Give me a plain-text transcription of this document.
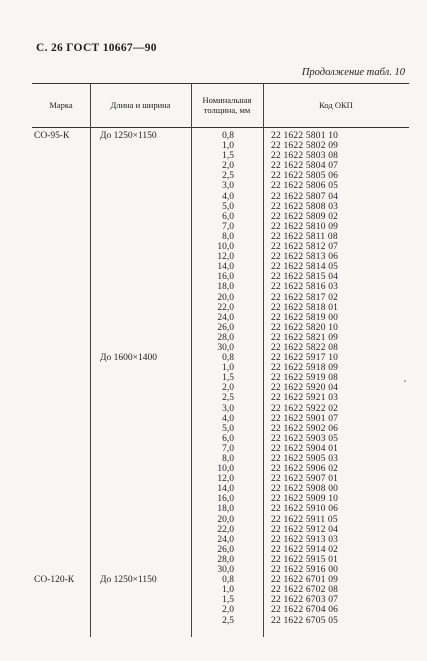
С. 26 ГОСТ 10667—90
Продолжение табл. 10
Марка	Длина и ширина	Номинальная толщина, мм	Код ОКП
СО-95-К	До 1250×1150	0,8	22 1622 5801 10
1,0	22 1622 5802 09
1,5	22 1622 5803 08
2,0	22 1622 5804 07
2,5	22 1622 5805 06
3,0	22 1622 5806 05
4,0	22 1622 5807 04
5,0	22 1622 5808 03
6,0	22 1622 5809 02
7,0	22 1622 5810 09
8,0	22 1622 5811 08
10,0	22 1622 5812 07
12,0	22 1622 5813 06
14,0	22 1622 5814 05
16,0	22 1622 5815 04
18,0	22 1622 5816 03
20,0	22 1622 5817 02
22,0	22 1622 5818 01
24,0	22 1622 5819 00
26,0	22 1622 5820 10
28,0	22 1622 5821 09
30,0	22 1622 5822 08
До 1600×1400	0,8	22 1622 5917 10
1,0	22 1622 5918 09
1,5	22 1622 5919 08
2,0	22 1622 5920 04
2,5	22 1622 5921 03
3,0	22 1622 5922 02
4,0	22 1622 5901 07
5,0	22 1622 5902 06
6,0	22 1622 5903 05
7,0	22 1622 5904 01
8,0	22 1622 5905 03
10,0	22 1622 5906 02
12,0	22 1622 5907 01
14,0	22 1622 5908 00
16,0	22 1622 5909 10
18,0	22 1622 5910 06
20,0	22 1622 5911 05
22,0	22 1622 5912 04
24,0	22 1622 5913 03
26,0	22 1622 5914 02
28,0	22 1622 5915 01
30,0	22 1622 5916 00
СО-120-К	До 1250×1150	0,8	22 1622 6701 09
1,0	22 1622 6702 08
1,5	22 1622 6703 07
2,0	22 1622 6704 06
2,5	22 1622 6705 05
